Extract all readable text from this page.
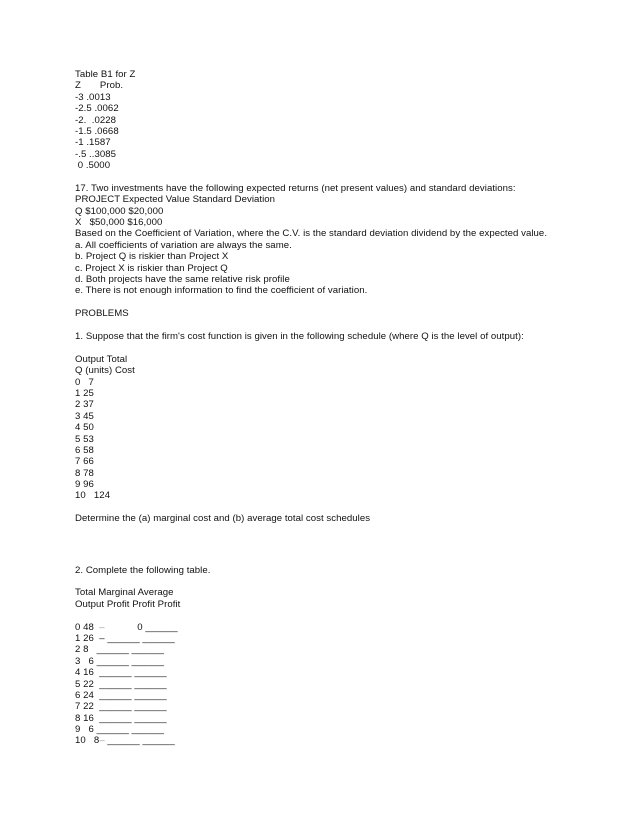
Table B1 for Z
Z       Prob.
-3 .0013
-2.5 .0062
-2.  .0228
-1.5 .0668
-1 .1587
-.5 ..3085
0 .5000
17. Two investments have the following expected returns (net present values) and standard deviations:
PROJECT Expected Value Standard Deviation
Q $100,000 $20,000
X   $50,000 $16,000
Based on the Coefficient of Variation, where the C.V. is the standard deviation dividend by the expected value.
a. All coefficients of variation are always the same.
b. Project Q is riskier than Project X
c. Project X is riskier than Project Q
d. Both projects have the same relative risk profile
e. There is not enough information to find the coefficient of variation.
PROBLEMS
1. Suppose that the firm's cost function is given in the following schedule (where Q is the level of output):
Output Total
Q (units) Cost
0   7
1 25
2 37
3 45
4 50
5 53
6 58
7 66
8 78
9 96
10   124
Determine the (a) marginal cost and (b) average total cost schedules
2. Complete the following table.
Total Marginal Average
Output Profit Profit Profit
0 48  –            0 ______
1 26  – ______ ______
2 8   ______ ______
3   6 ______ ______
4 16  ______ ______
5 22  ______ ______
6 24  ______ ______
7 22  ______ ______
8 16  ______ ______
9   6 ______ ______
10   8– ______ ______
